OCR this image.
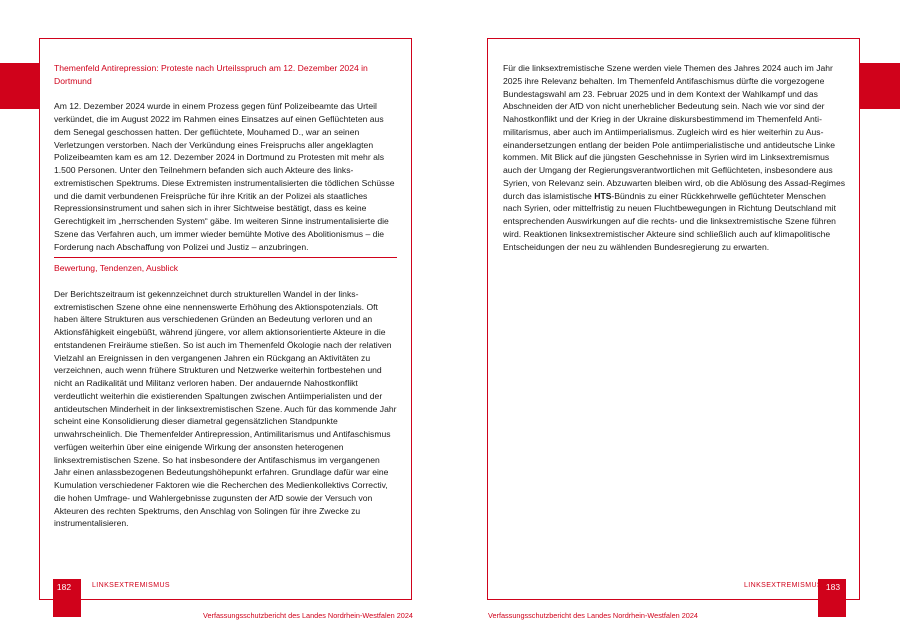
Themenfeld Antirepression: Proteste nach Urteilsspruch am 12. Dezember 2024 in Dortmund

Am 12. Dezember 2024 wurde in einem Prozess gegen fünf Polizeibeamte das Urteil verkündet, die im August 2022 im Rahmen eines Einsatzes auf einen Geflüchteten aus dem Senegal geschossen hatten. Der geflüchtete, Mouhamed D., war an seinen Verletzungen verstorben. Nach der Verkündung eines Freispruchs aller angeklagten Polizeibeamten kam es am 12. Dezember 2024 in Dortmund zu Protesten mit mehr als 1.500 Personen. Unter den Teilnehmern befanden sich auch Akteure des linksextremistischen Spektrums. Diese Extremisten instrumentalisierten die tödlichen Schüsse und die damit verbundenen Freisprüche für ihre Kritik an der Polizei als staatliches Repressionsinstrument und sahen sich in ihrer Sichtweise bestätigt, dass es keine Gerechtigkeit im „herrschenden System“ gäbe. Im weiteren Sinne instrumentalisierte die Szene das Verfahren auch, um immer wieder bemühte Motive des Abolitionismus – die Forderung nach Abschaffung von Polizei und Justiz – anzubringen.

Bewertung, Tendenzen, Ausblick

Der Berichtszeitraum ist gekennzeichnet durch strukturellen Wandel in der linksextremistischen Szene ohne eine nennenswerte Erhöhung des Aktionspotenzials. Oft haben ältere Strukturen aus verschiedenen Gründen an Bedeutung verloren und an Aktionsfähigkeit eingebüßt, während jüngere, vor allem aktionsorientierte Akteure in die entstandenen Freiräume stießen. So ist auch im Themenfeld Ökologie nach der relativen Vielzahl an Ereignissen in den vergangenen Jahren ein Rückgang an Aktivitäten zu verzeichnen, auch wenn frühere Strukturen und Netzwerke weiterhin fortbestehen und nicht an Radikalität und Militanz verloren haben. Der andauernde Nahostkonflikt verdeutlicht weiterhin die existierenden Spaltungen zwischen Antiimperialisten und der antideutschen Minderheit in der linksextremistischen Szene. Auch für das kommende Jahr scheint eine Konsolidierung dieser diametral gegensätzlichen Standpunkte unwahrscheinlich. Die Themenfelder Antirepression, Antimilitarismus und Antifaschismus verfügen weiterhin über eine einigende Wirkung der ansonsten heterogenen linksextremistischen Szene. So hat insbesondere der Antifaschismus im vergangenen Jahr einen anlassbezogenen Bedeutungshöhepunkt erfahren. Grundlage dafür war eine Kumulation verschiedener Faktoren wie die Recherchen des Medienkollektivs Correctiv, die hohen Umfrage- und Wahlergebnisse zugunsten der AfD sowie der Versuch von Akteuren des rechten Spektrums, den Anschlag von Solingen für ihre Zwecke zu instrumentalisieren.

Für die linksextremistische Szene werden viele Themen des Jahres 2024 auch im Jahr 2025 ihre Relevanz behalten. Im Themenfeld Antifaschismus dürfte die vorgezogene Bundestagswahl am 23. Februar 2025 und in dem Kontext der Wahlkampf und das Abschneiden der AfD von nicht unerheblicher Bedeutung sein. Nach wie vor sind der Nahostkonflikt und der Krieg in der Ukraine diskursbestimmend im Themenfeld Antimilitarismus, aber auch im Antiimperialismus. Zugleich wird es hier weiterhin zu Auseinandersetzungen entlang der beiden Pole antiimperialistische und antideutsche Linke kommen. Mit Blick auf die jüngsten Geschehnisse in Syrien wird im Linksextremismus auch der Umgang der Regierungsverantwortlichen mit Geflüchteten, insbesondere aus Syrien, von Relevanz sein. Abzuwarten bleiben wird, ob die Ablösung des Assad-Regimes durch das islamistische HTS-Bündnis zu einer Rückkehrwelle geflüchteter Menschen nach Syrien, oder mittelfristig zu neuen Fluchtbewegungen in Richtung Deutschland mit entsprechenden Auswirkungen auf die rechts- und die linksextremistische Szene führen wird. Reaktionen linksextremistischer Akteure sind schließlich auch auf klimapolitische Entscheidungen der neu zu wählenden Bundesregierung zu erwarten.

182	LINKSEXTREMISMUS
Verfassungsschutzbericht des Landes Nordrhein-Westfalen 2024
183
LINKSEXTREMISMUS
Verfassungsschutzbericht des Landes Nordrhein-Westfalen 2024
